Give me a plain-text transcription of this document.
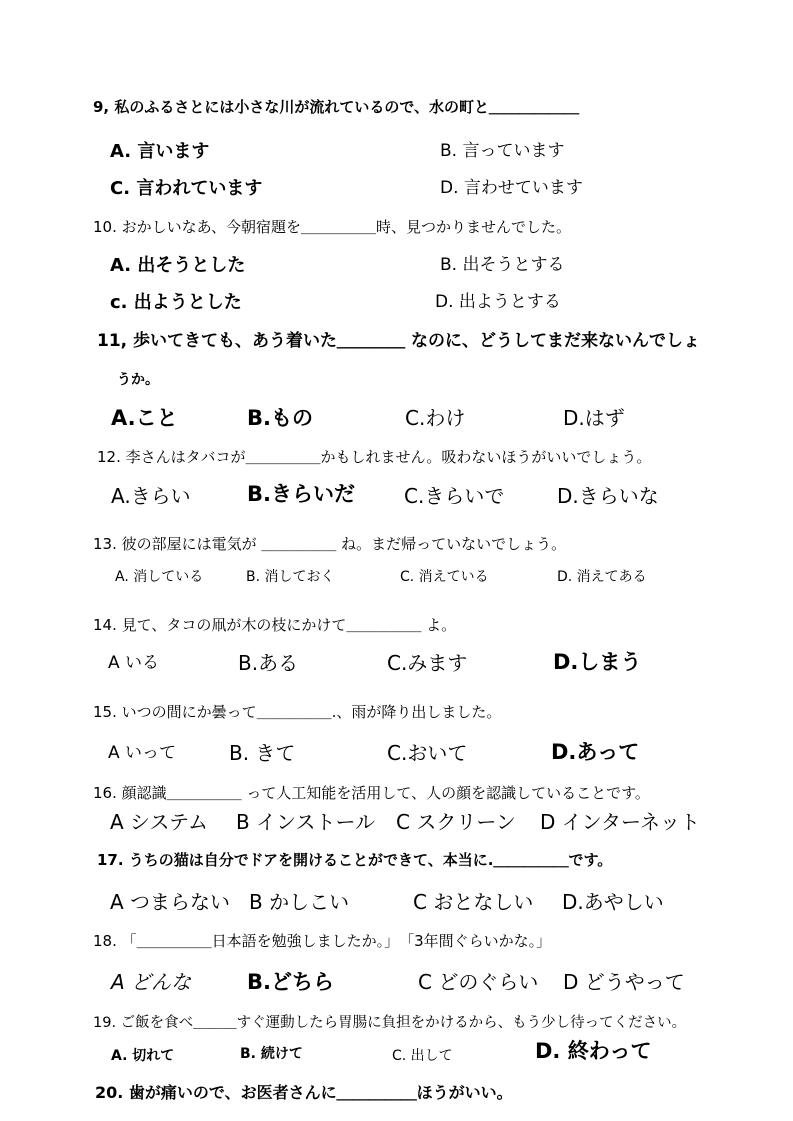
9, 私のふるさとには小さな川が流れているので、水の町と＿＿＿＿＿＿
A. 言います	B. 言っています
C. 言われています	D. 言わせています
10. おかしいなあ、今朝宿題を＿＿＿＿＿時、見つかりませんでした。
A. 出そうとした	B. 出そうとする
c. 出ようとした	D. 出ようとする
11, 歩いてきても、あう着いた＿＿＿＿ なのに、どうしてまだ来ないんでしょ
うか。
A.こと	B.もの	C.わけ	D.はず
12. 李さんはタバコが＿＿＿＿＿かもしれません。吸わないほうがいいでしょう。
A.きらい	B.きらいだ C.きらいで	D.きらいな
13. 彼の部屋には電気が ＿＿＿＿＿ ね。まだ帰っていないでしょう。
A. 消している	B. 消しておく	C. 消えている	D. 消えてある
14. 見て、タコの凧が木の枝にかけて＿＿＿＿＿ よ。
A いる	B.ある	C.みます	D.しまう
15. いつの間にか曇って＿＿＿＿＿.、雨が降り出しました。
A いって	B. きて	C.おいて	D.あって
16. 顔認識＿＿＿＿＿ って人工知能を活用して、人の顔を認識していることです。
A システム B インストール C スクリーン D インターネット
17. うちの猫は自分でドアを開けることができて、本当に.＿＿＿＿＿です。
A つまらない B かしこい	C おとなしい D.あやしい
18. 「＿＿＿＿＿日本語を勉強しましたか。」　「3年間ぐらいかな。」
A どんな	B.どちら	C どのぐらい D どうやって
19. ご飯を食べ＿＿＿すぐ運動したら胃腸に負担をかけるから、もう少し待ってください。
A. 切れて	B. 続けて	C. 出して	D. 終わって
20. 歯が痛いので、お医者さんに＿＿＿＿＿ほうがいい。
